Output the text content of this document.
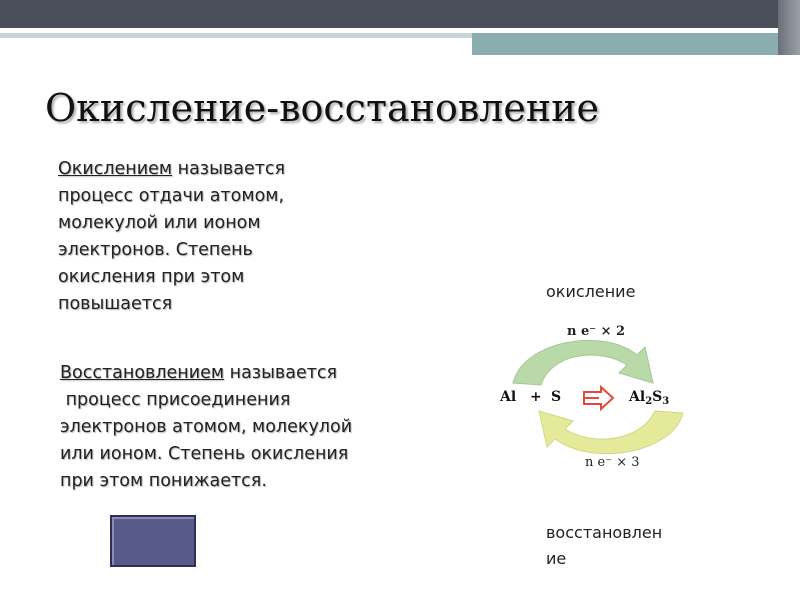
Окисление-восстановление
Окислением называется
процесс отдачи атомом,
молекулой или ионом
электронов. Степень
окисления при этом
повышается
Восстановлением называется
процесс присоединения
электронов атомом, молекулой
или ионом. Степень окисления
при этом понижается.
окисление
восстановлен
ие
n e⁻ × 2
Al + S	$Al_2S_3$
n e⁻ × 3
